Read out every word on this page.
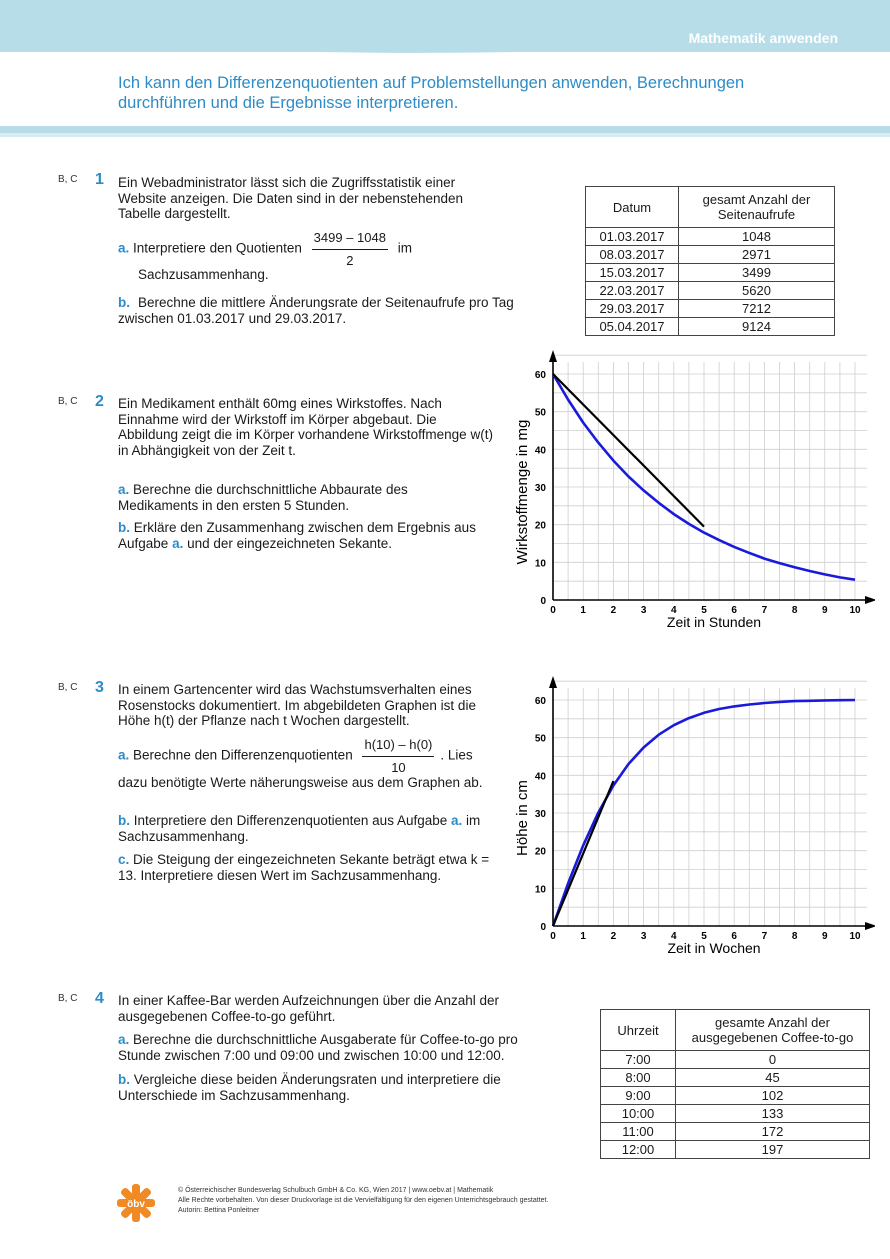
Mathematik anwenden
Ich kann den Differenzenquotienten auf Problemstellungen anwenden, Berechnungen durchführen und die Ergebnisse interpretieren.
B, C 1 Ein Webadministrator lässt sich die Zugriffsstatistik einer Website anzeigen. Die Daten sind in der nebenstehenden Tabelle dargestellt.
a. Interpretiere den Quotienten $\frac{3499 - 1048}{2}$ im
Sachzusammenhang.
b. Berechne die mittlere Änderungsrate der Seitenaufrufe pro Tag zwischen 01.03.2017 und 29.03.2017.
Datum	gesamt Anzahl der Seitenaufrufe
01.03.2017	1048
08.03.2017	2971
15.03.2017	3499
22.03.2017	5620
29.03.2017	7212
05.04.2017	9124
B, C 2 Ein Medikament enthält 60mg eines Wirkstoffes. Nach Einnahme wird der Wirkstoff im Körper abgebaut. Die Abbildung zeigt die im Körper vorhandene Wirkstoffmenge w(t) in Abhängigkeit von der Zeit t.
a. Berechne die durchschnittliche Abbaurate des Medikaments in den ersten 5 Stunden.
b. Erkläre den Zusammenhang zwischen dem Ergebnis aus Aufgabe a. und der eingezeichneten Sekante.
0 1 2 3 4 5 6 7 8 9 10
0
10
20
30
40
50
60
Zeit in Stunden
Wirkstoffmenge in mg
B, C 3 In einem Gartencenter wird das Wachstumsverhalten eines Rosenstocks dokumentiert. Im abgebildeten Graphen ist die Höhe h(t) der Pflanze nach t Wochen dargestellt.
a. Berechne den Differenzenquotienten $\frac{h(10) - h(0)}{10}$ . Lies
dazu benötigte Werte näherungsweise aus dem Graphen ab.
b. Interpretiere den Differenzenquotienten aus Aufgabe a. im Sachzusammenhang.
c. Die Steigung der eingezeichneten Sekante beträgt etwa k = 13. Interpretiere diesen Wert im Sachzusammenhang.
0 1 2 3 4 5 6 7 8 9 10
0
10
20
30
40
50
60
Zeit in Wochen
Höhe in cm
B, C 4 In einer Kaffee-Bar werden Aufzeichnungen über die Anzahl der ausgegebenen Coffee-to-go geführt.
a. Berechne die durchschnittliche Ausgaberate für Coffee-to-go pro Stunde zwischen 7:00 und 09:00 und zwischen 10:00 und 12:00.
b. Vergleiche diese beiden Änderungsraten und interpretiere die Unterschiede im Sachzusammenhang.
Uhrzeit	gesamte Anzahl der ausgegebenen Coffee-to-go
7:00	0
8:00	45
9:00	102
10:00	133
11:00	172
12:00	197
öbv
© Österreichischer Bundesverlag Schulbuch GmbH & Co. KG, Wien 2017 | www.oebv.at | Mathematik
Alle Rechte vorbehalten. Von dieser Druckvorlage ist die Vervielfältigung für den eigenen Unterrichtsgebrauch gestattet.
Autorin: Bettina Ponleitner
